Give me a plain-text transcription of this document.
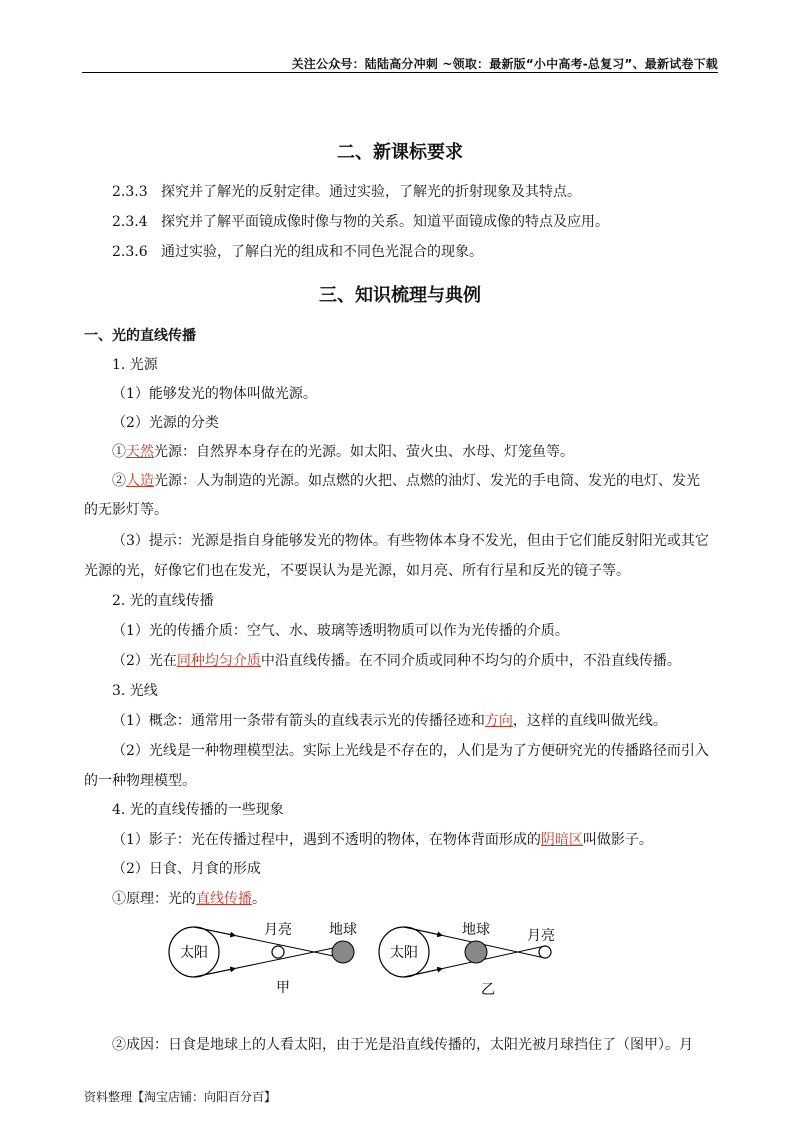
关注公众号：陆陆高分冲刺 ~领取：最新版“小中高考-总复习”、最新试卷下载
二、新课标要求
2.3.3 探究并了解光的反射定律。通过实验，了解光的折射现象及其特点。
2.3.4 探究并了解平面镜成像时像与物的关系。知道平面镜成像的特点及应用。
2.3.6 通过实验，了解白光的组成和不同色光混合的现象。
三、知识梳理与典例
一、光的直线传播
1. 光源
（1）能够发光的物体叫做光源。
（2）光源的分类
①天然光源：自然界本身存在的光源。如太阳、萤火虫、水母、灯笼鱼等。
②人造光源：人为制造的光源。如点燃的火把、点燃的油灯、发光的手电筒、发光的电灯、发光
的无影灯等。
（3）提示：光源是指自身能够发光的物体。有些物体本身不发光，但由于它们能反射阳光或其它
光源的光，好像它们也在发光，不要误认为是光源，如月亮、所有行星和反光的镜子等。
2. 光的直线传播
（1）光的传播介质：空气、水、玻璃等透明物质可以作为光传播的介质。
（2）光在同种均匀介质中沿直线传播。在不同介质或同种不均匀的介质中，不沿直线传播。
3. 光线
（1）概念：通常用一条带有箭头的直线表示光的传播径迹和方向，这样的直线叫做光线。
（2）光线是一种物理模型法。实际上光线是不存在的，人们是为了方便研究光的传播路径而引入
的一种物理模型。
4. 光的直线传播的一些现象
（1）影子：光在传播过程中，遇到不透明的物体，在物体背面形成的阴暗区叫做影子。
（2）日食、月食的形成
①原理：光的直线传播。
太阳
月亮	地球
甲
太阳
地球	月亮
乙
②成因：日食是地球上的人看太阳，由于光是沿直线传播的，太阳光被月球挡住了（图甲）。月
资料整理【淘宝店铺：向阳百分百】
